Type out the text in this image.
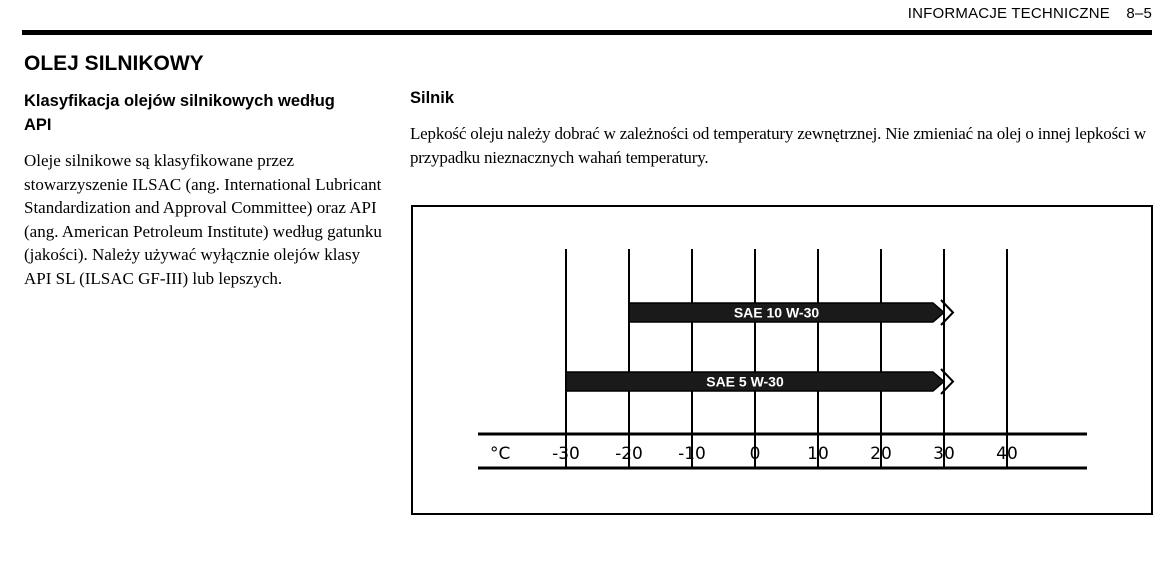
INFORMACJE TECHNICZNE 8–5
OLEJ SILNIKOWY
Klasyfikacja olejów silnikowych według API
Oleje silnikowe są klasyfikowane przez stowarzyszenie ILSAC (ang. International Lubricant Standardization and Approval Committee) oraz API (ang. American Petroleum Institute) według gatunku (jakości). Należy używać wyłącznie olejów klasy API SL (ILSAC GF-III) lub lepszych.
Silnik
Lepkość oleju należy dobrać w zależności od temperatury zewnętrznej. Nie zmieniać na olej o innej lepkości w przypadku nieznacznych wahań temperatury.
°C -30 -20 -10	0	10 20 30 40
SAE 10 W-30
SAE 5 W-30
